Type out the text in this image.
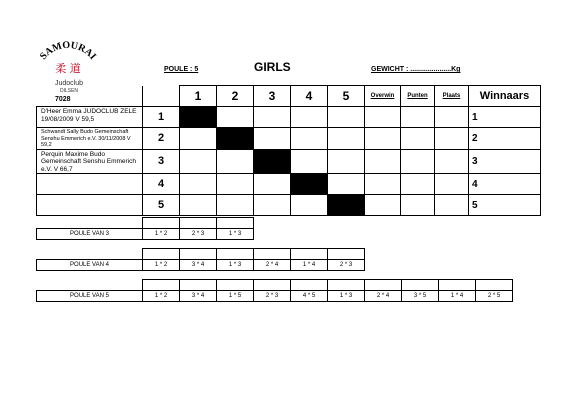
SAMOURAI
柔 道
Judoclub
DILSEN
POULE : 5	GIRLS	GEWICHT : .....................Kg
7028
			1	2	3	4	5	Overwin	Punten	Plaats	Winnaars
D'Heer Emma JUDOCLUB ZELE 19/08/2009 V 59,5	1									1
Schwandt Sally Budo Gemeinschaft Senshu Emmerich e.V. 30/11/2008 V 59,2	2									2
Perquin Maxime Budo Gemeinschaft Senshu Emmerich e.V. V 66,7	3									3
	4									4
	5									5

POULE VAN 3	1 * 2	2 * 3	1 * 3

POULE VAN 4	1 * 2	3 * 4	1 * 3	2 * 4	1 * 4	2 * 3

POULE VAN 5	1 * 2	3 * 4	1 * 5	2 * 3	4 * 5	1 * 3	2 * 4	3 * 5	1 * 4	2 * 5
